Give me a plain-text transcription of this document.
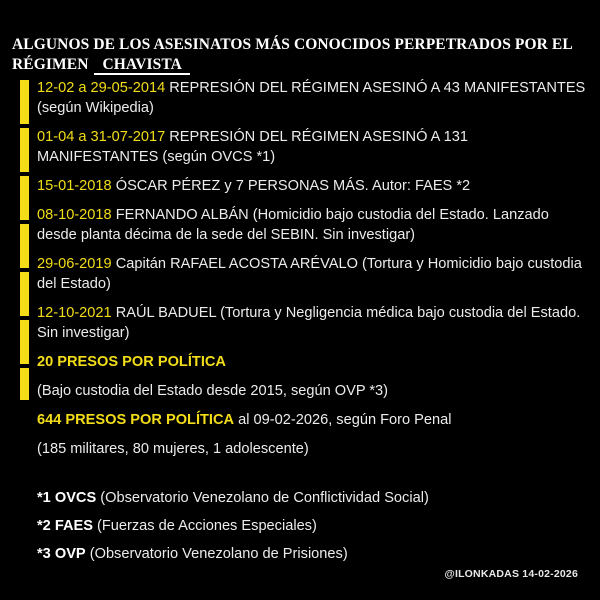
ALGUNOS DE LOS ASESINATOS MÁS CONOCIDOS PERPETRADOS POR EL RÉGIMEN CHAVISTA
12-02 a 29-05-2014 REPRESIÓN DEL RÉGIMEN ASESINÓ A 43 MANIFESTANTES (según Wikipedia)
01-04 a 31-07-2017 REPRESIÓN DEL RÉGIMEN ASESINÓ A 131 MANIFESTANTES (según OVCS *1)
15-01-2018 ÓSCAR PÉREZ y 7 PERSONAS MÁS. Autor: FAES *2
08-10-2018 FERNANDO ALBÁN (Homicidio bajo custodia del Estado. Lanzado desde planta décima de la sede del SEBIN. Sin investigar)
29-06-2019 Capitán RAFAEL ACOSTA ARÉVALO (Tortura y Homicidio bajo custodia del Estado)
12-10-2021 RAÚL BADUEL (Tortura y Negligencia médica bajo custodia del Estado. Sin investigar)
20 PRESOS POR POLÍTICA
(Bajo custodia del Estado desde 2015, según OVP *3)
644 PRESOS POR POLÍTICA al 09-02-2026, según Foro Penal
(185 militares, 80 mujeres, 1 adolescente)
*1 OVCS (Observatorio Venezolano de Conflictividad Social)
*2 FAES (Fuerzas de Acciones Especiales)
*3 OVP (Observatorio Venezolano de Prisiones)
@ILONKADAS 14-02-2026
